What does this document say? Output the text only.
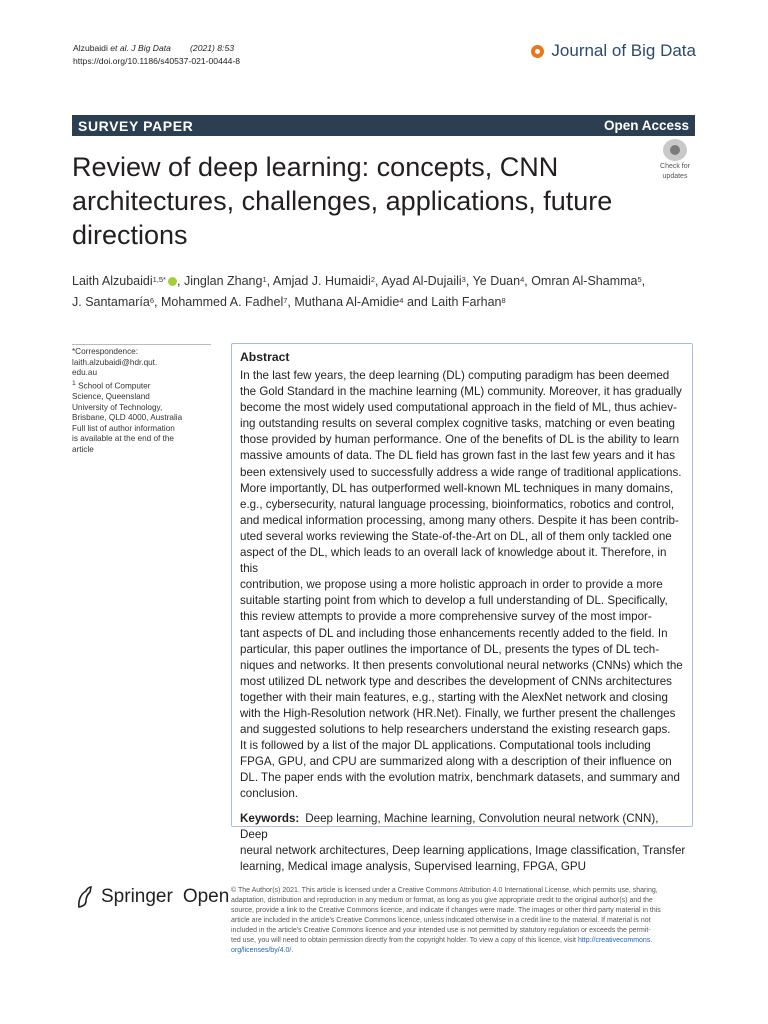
Alzubaidi et al. J Big Data (2021) 8:53
https://doi.org/10.1186/s40537-021-00444-8
Journal of Big Data
SURVEY PAPER	Open Access
Review of deep learning: concepts, CNN architectures, challenges, applications, future directions
Check for
updates
Laith Alzubaidi$^{1,5*}$ , Jinglan Zhang$^1$, Amjad J. Humaidi$^2$, Ayad Al-Dujaili$^3$, Ye Duan$^4$, Omran Al-Shamma$^5$,
J. Santamaría$^6$, Mohammed A. Fadhel$^7$, Muthana Al-Amidie$^4$ and Laith Farhan$^8$
*Correspondence:
laith.alzubaidi@hdr.qut.
edu.au
$^1$ School of Computer
Science, Queensland
University of Technology,
Brisbane, QLD 4000, Australia
Full list of author information
is available at the end of the
article
Abstract
In the last few years, the deep learning (DL) computing paradigm has been deemed
the Gold Standard in the machine learning (ML) community. Moreover, it has gradually
become the most widely used computational approach in the field of ML, thus achiev-
ing outstanding results on several complex cognitive tasks, matching or even beating
those provided by human performance. One of the benefits of DL is the ability to learn
massive amounts of data. The DL field has grown fast in the last few years and it has
been extensively used to successfully address a wide range of traditional applications.
More importantly, DL has outperformed well-known ML techniques in many domains,
e.g., cybersecurity, natural language processing, bioinformatics, robotics and control,
and medical information processing, among many others. Despite it has been contrib-
uted several works reviewing the State-of-the-Art on DL, all of them only tackled one
aspect of the DL, which leads to an overall lack of knowledge about it. Therefore, in this
contribution, we propose using a more holistic approach in order to provide a more
suitable starting point from which to develop a full understanding of DL. Specifically,
this review attempts to provide a more comprehensive survey of the most impor-
tant aspects of DL and including those enhancements recently added to the field. In
particular, this paper outlines the importance of DL, presents the types of DL tech-
niques and networks. It then presents convolutional neural networks (CNNs) which the
most utilized DL network type and describes the development of CNNs architectures
together with their main features, e.g., starting with the AlexNet network and closing
with the High-Resolution network (HR.Net). Finally, we further present the challenges
and suggested solutions to help researchers understand the existing research gaps.
It is followed by a list of the major DL applications. Computational tools including
FPGA, GPU, and CPU are summarized along with a description of their influence on
DL. The paper ends with the evolution matrix, benchmark datasets, and summary and
conclusion.
Keywords: Deep learning, Machine learning, Convolution neural network (CNN), Deep
neural network architectures, Deep learning applications, Image classification, Transfer
learning, Medical image analysis, Supervised learning, FPGA, GPU
Springer Open © The Author(s) 2021. This article is licensed under a Creative Commons Attribution 4.0 International License, which permits use, sharing,
adaptation, distribution and reproduction in any medium or format, as long as you give appropriate credit to the original author(s) and the
source, provide a link to the Creative Commons licence, and indicate if changes were made. The images or other third party material in this
article are included in the article's Creative Commons licence, unless indicated otherwise in a credit line to the material. If material is not
included in the article's Creative Commons licence and your intended use is not permitted by statutory regulation or exceeds the permit-
ted use, you will need to obtain permission directly from the copyright holder. To view a copy of this licence, visit http://creativecommons.
org/licenses/by/4.0/.
